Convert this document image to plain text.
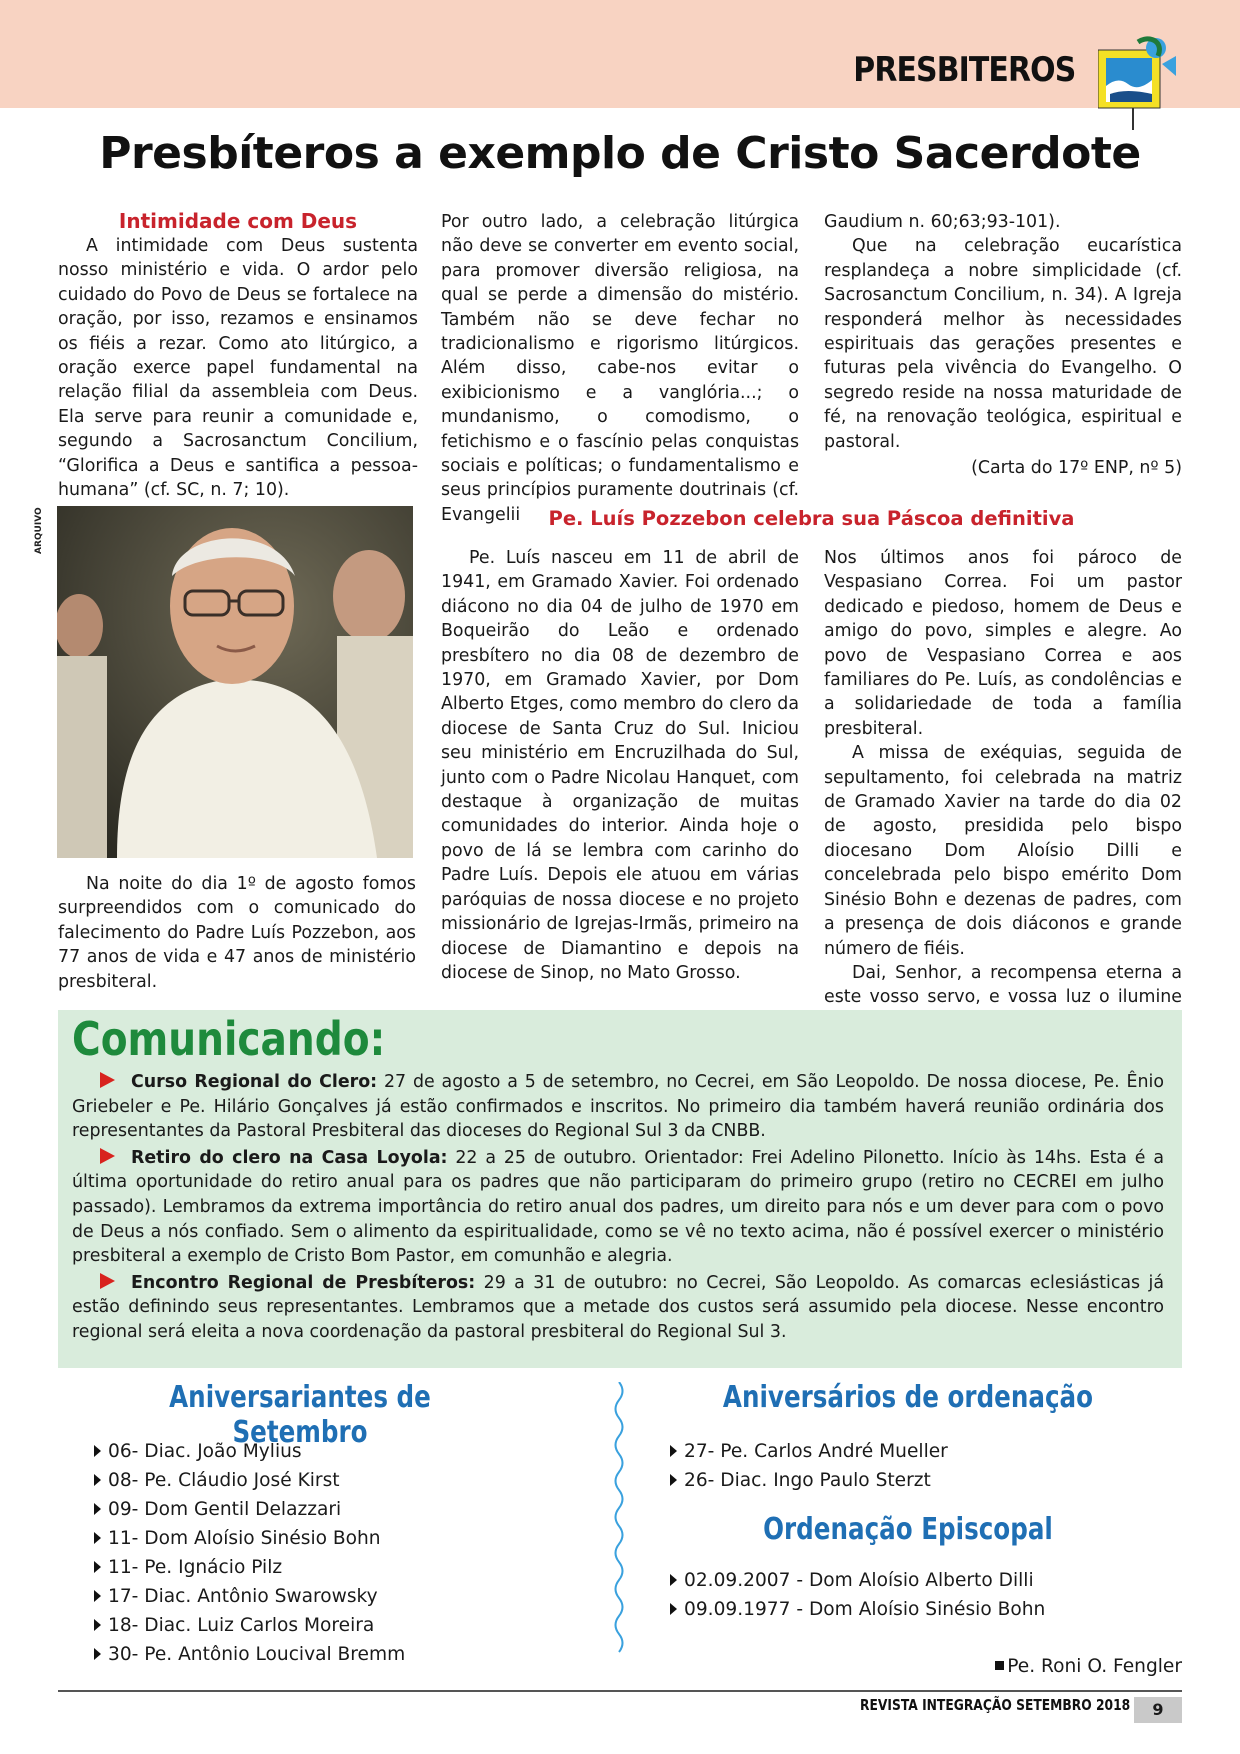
PRESBITEROS
Presbíteros a exemplo de Cristo Sacerdote
Intimidade com Deus

A intimidade com Deus sustenta nosso ministério e vida. O ardor pelo cuidado do Povo de Deus se fortalece na oração, por isso, rezamos e ensinamos os fiéis a rezar. Como ato litúrgico, a oração exerce papel fundamental na relação filial da assembleia com Deus. Ela serve para reunir a comunidade e, segundo a Sacrosanctum Concilium, “Glorifica a Deus e santifica a pessoa-humana” (cf. SC, n. 7; 10).

Por outro lado, a celebração litúrgica não deve se converter em evento social, para promover diversão religiosa, na qual se perde a dimensão do mistério. Também não se deve fechar no tradicionalismo e rigorismo litúrgicos. Além disso, cabe-nos evitar o exibicionismo e a vanglória...; o mundanismo, o comodismo, o fetichismo e o fascínio pelas conquistas sociais e políticas; o fundamentalismo e seus princípios puramente doutrinais (cf. Evangelii

Gaudium n. 60;63;93-101).

Que na celebração eucarística resplandeça a nobre simplicidade (cf. Sacrosanctum Concilium, n. 34). A Igreja responderá melhor às necessidades espirituais das gerações presentes e futuras pela vivência do Evangelho. O segredo reside na nossa maturidade de fé, na renovação teológica, espiritual e pastoral.

(Carta do 17º ENP, nº 5)
ARQUIVO

Na noite do dia 1º de agosto fomos surpreendidos com o comunicado do falecimento do Padre Luís Pozzebon, aos 77 anos de vida e 47 anos de ministério presbiteral.

Pe. Luís Pozzebon celebra sua Páscoa definitiva

Pe. Luís nasceu em 11 de abril de 1941, em Gramado Xavier. Foi ordenado diácono no dia 04 de julho de 1970 em Boqueirão do Leão e ordenado presbítero no dia 08 de dezembro de 1970, em Gramado Xavier, por Dom Alberto Etges, como membro do clero da diocese de Santa Cruz do Sul. Iniciou seu ministério em Encruzilhada do Sul, junto com o Padre Nicolau Hanquet, com destaque à organização de muitas comunidades do interior. Ainda hoje o povo de lá se lembra com carinho do Padre Luís. Depois ele atuou em várias paróquias de nossa diocese e no projeto missionário de Igrejas-Irmãs, primeiro na diocese de Diamantino e depois na diocese de Sinop, no Mato Grosso.

Nos últimos anos foi pároco de Vespasiano Correa. Foi um pastor dedicado e piedoso, homem de Deus e amigo do povo, simples e alegre. Ao povo de Vespasiano Correa e aos familiares do Pe. Luís, as condolências e a solidariedade de toda a família presbiteral.

A missa de exéquias, seguida de sepultamento, foi celebrada na matriz de Gramado Xavier na tarde do dia 02 de agosto, presidida pelo bispo diocesano Dom Aloísio Dilli e concelebrada pelo bispo emérito Dom Sinésio Bohn e dezenas de padres, com a presença de dois diáconos e grande número de fiéis.

Dai, Senhor, a recompensa eterna a este vosso servo, e vossa luz o ilumine

Comunicando:

Curso Regional do Clero: 27 de agosto a 5 de setembro, no Cecrei, em São Leopoldo. De nossa diocese, Pe. Ênio Griebeler e Pe. Hilário Gonçalves já estão confirmados e inscritos. No primeiro dia também haverá reunião ordinária dos representantes da Pastoral Presbiteral das dioceses do Regional Sul 3 da CNBB.

Retiro do clero na Casa Loyola: 22 a 25 de outubro. Orientador: Frei Adelino Pilonetto. Início às 14hs. Esta é a última oportunidade do retiro anual para os padres que não participaram do primeiro grupo (retiro no CECREI em julho passado). Lembramos da extrema importância do retiro anual dos padres, um direito para nós e um dever para com o povo de Deus a nós confiado. Sem o alimento da espiritualidade, como se vê no texto acima, não é possível exercer o ministério presbiteral a exemplo de Cristo Bom Pastor, em comunhão e alegria.

Encontro Regional de Presbíteros: 29 a 31 de outubro: no Cecrei, São Leopoldo. As comarcas eclesiásticas já estão definindo seus representantes. Lembramos que a metade dos custos será assumido pela diocese. Nesse encontro regional será eleita a nova coordenação da pastoral presbiteral do Regional Sul 3.

Aniversariantes de Setembro
06- Diac. João Mylius
08- Pe. Cláudio José Kirst
09- Dom Gentil Delazzari
11- Dom Aloísio Sinésio Bohn
11- Pe. Ignácio Pilz
17- Diac. Antônio Swarowsky
18- Diac. Luiz Carlos Moreira
30- Pe. Antônio Loucival Bremm
Aniversários de ordenação
27- Pe. Carlos André Mueller
26- Diac. Ingo Paulo Sterzt
Ordenação Episcopal
02.09.2007 - Dom Aloísio Alberto Dilli
09.09.1977 - Dom Aloísio Sinésio Bohn
Pe. Roni O. Fengler
REVISTA INTEGRAÇÃO SETEMBRO 2018	9
